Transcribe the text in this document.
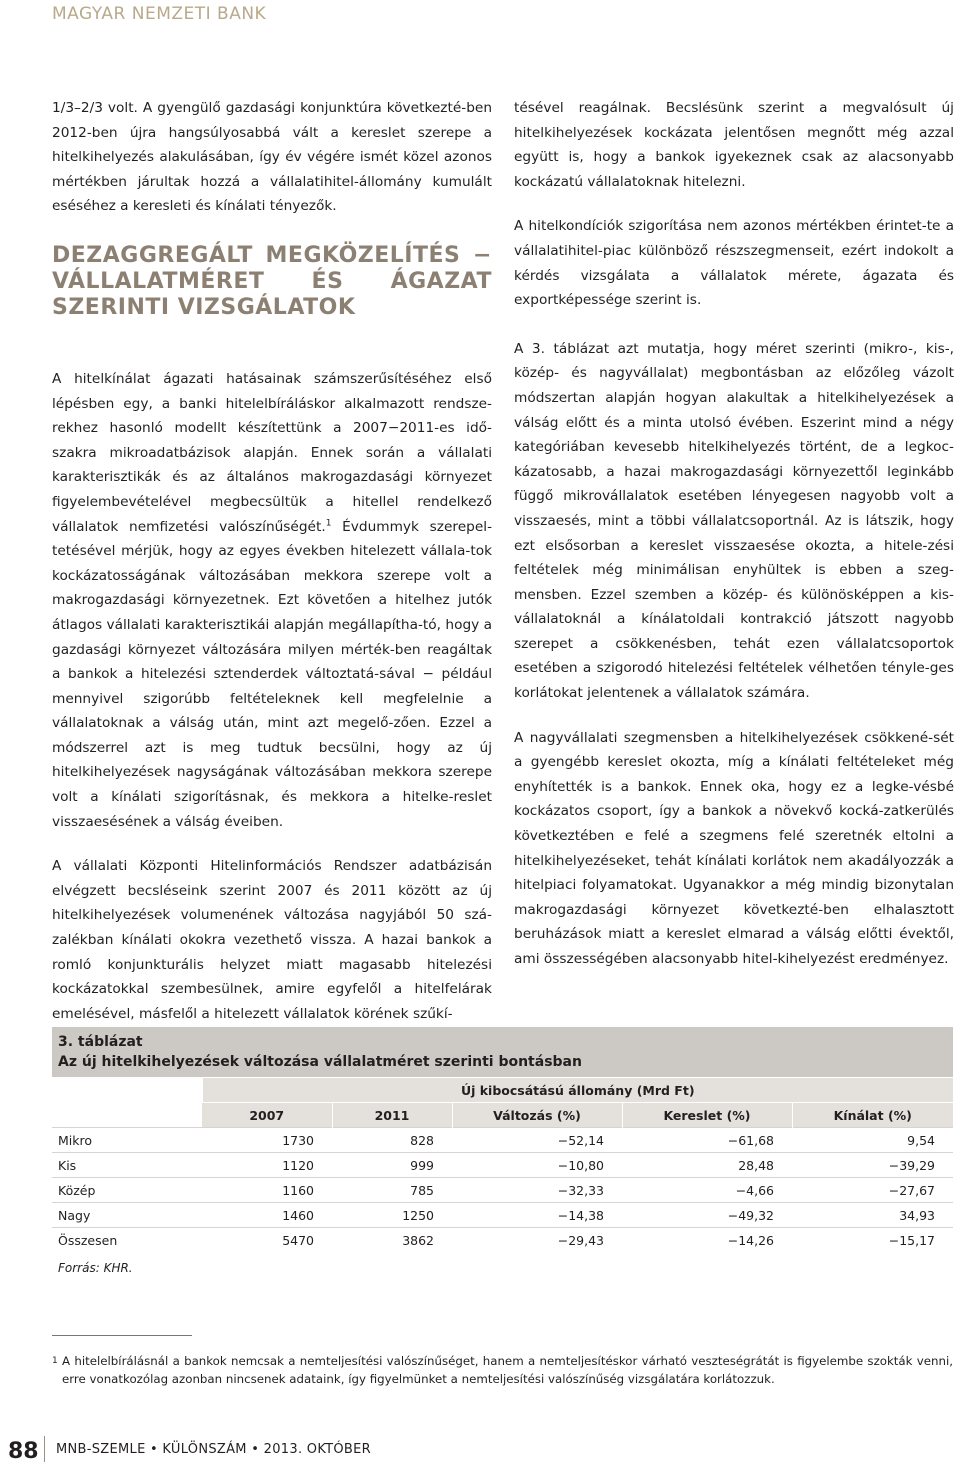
MAGYAR NEMZETI BANK

1/3–2/3 volt. A gyengülő gazdasági konjunktúra következté-ben 2012-ben újra hangsúlyosabbá vált a kereslet szerepe a hitelkihelyezés alakulásában, így év végére ismét közel azonos mértékben járultak hozzá a vállalatihitel-állomány kumulált eséséhez a keresleti és kínálati tényezők.

DEZAGGREGÁLT MEGKÖZELÍTÉS − VÁLLALATMÉRET ÉS ÁGAZAT SZERINTI VIZSGÁLATOK

A hitelkínálat ágazati hatásainak számszerűsítéséhez első lépésben egy, a banki hitelelbíráláskor alkalmazott rendsze-rekhez hasonló modellt készítettünk a 2007−2011-es idő-szakra mikroadatbázisok alapján. Ennek során a vállalati karakterisztikák és az általános makrogazdasági környezet figyelembevételével megbecsültük a hitellel rendelkező vállalatok nemfizetési valószínűségét.$^1$ Évdummyk szerepel-tetésével mérjük, hogy az egyes években hitelezett vállala-tok kockázatosságának változásában mekkora szerepe volt a makrogazdasági környezetnek. Ezt követően a hitelhez jutók átlagos vállalati karakterisztikái alapján megállapítha-tó, hogy a gazdasági környezet változására milyen mérték-ben reagáltak a bankok a hitelezési sztenderdek változtatá-sával − például mennyivel szigorúbb feltételeknek kell megfelelnie a vállalatoknak a válság után, mint azt megelő-zően. Ezzel a módszerrel azt is meg tudtuk becsülni, hogy az új hitelkihelyezések nagyságának változásában mekkora szerepe volt a kínálati szigorításnak, és mekkora a hitelke-reslet visszaesésének a válság éveiben.

A vállalati Központi Hitelinformációs Rendszer adatbázisán elvégzett becsléseink szerint 2007 és 2011 között az új hitelkihelyezések volumenének változása nagyjából 50 szá-zalékban kínálati okokra vezethető vissza. A hazai bankok a romló konjunkturális helyzet miatt magasabb hitelezési kockázatokkal szembesülnek, amire egyfelől a hitelfelárak emelésével, másfelől a hitelezett vállalatok körének szűkí-

tésével reagálnak. Becslésünk szerint a megvalósult új hitelkihelyezések kockázata jelentősen megnőtt még azzal együtt is, hogy a bankok igyekeznek csak az alacsonyabb kockázatú vállalatoknak hitelezni.

A hitelkondíciók szigorítása nem azonos mértékben érintet-te a vállalatihitel-piac különböző részszegmenseit, ezért indokolt a kérdés vizsgálata a vállalatok mérete, ágazata és exportképessége szerint is.

A 3. táblázat azt mutatja, hogy méret szerinti (mikro-, kis-, közép- és nagyvállalat) megbontásban az előzőleg vázolt módszertan alapján hogyan alakultak a hitelkihelyezések a válság előtt és a minta utolsó évében. Eszerint mind a négy kategóriában kevesebb hitelkihelyezés történt, de a legkoc-kázatosabb, a hazai makrogazdasági környezettől leginkább függő mikrovállalatok esetében lényegesen nagyobb volt a visszaesés, mint a többi vállalatcsoportnál. Az is látszik, hogy ezt elsősorban a kereslet visszaesése okozta, a hitele-zési feltételek még minimálisan enyhültek is ebben a szeg-mensben. Ezzel szemben a közép- és különösképpen a kis-vállalatoknál a kínálatoldali kontrakció játszott nagyobb szerepet a csökkenésben, tehát ezen vállalatcsoportok esetében a szigorodó hitelezési feltételek vélhetően tényle-ges korlátokat jelentenek a vállalatok számára.

A nagyvállalati szegmensben a hitelkihelyezések csökkené-sét a gyengébb kereslet okozta, míg a kínálati feltételeket még enyhítették is a bankok. Ennek oka, hogy ez a legke-vésbé kockázatos csoport, így a bankok a növekvő kocká-zatkerülés következtében e felé a szegmens felé szeretnék eltolni a hitelkihelyezéseket, tehát kínálati korlátok nem akadályozzák a hitelpiaci folyamatokat. Ugyanakkor a még mindig bizonytalan makrogazdasági környezet következté-ben elhalasztott beruházások miatt a kereslet elmarad a válság előtti évektől, ami összességében alacsonyabb hitel-kihelyezést eredményez.

3. táblázat
Az új hitelkihelyezések változása vállalatméret szerinti bontásban
	Új kibocsátású állomány (Mrd Ft)				
	2007	2011	Változás (%)	Kereslet (%)	Kínálat (%)
Mikro	1730	828	−52,14	−61,68	9,54
Kis	1120	999	−10,80	28,48	−39,29
Közép	1160	785	−32,33	−4,66	−27,67
Nagy	1460	1250	−14,38	−49,32	34,93
Összesen	5470	3862	−29,43	−14,26	−15,17
Forrás: KHR.					
1 A hitelelbírálásnál a bankok nemcsak a nemteljesítési valószínűséget, hanem a nemteljesítéskor várható veszteségrátát is figyelembe szokták venni, erre vonatkozólag azonban nincsenek adataink, így figyelmünket a nemteljesítési valószínűség vizsgálatára korlátozzuk.
88 MNB-SZEMLE • KÜLÖNSZÁM • 2013. OKTÓBER
